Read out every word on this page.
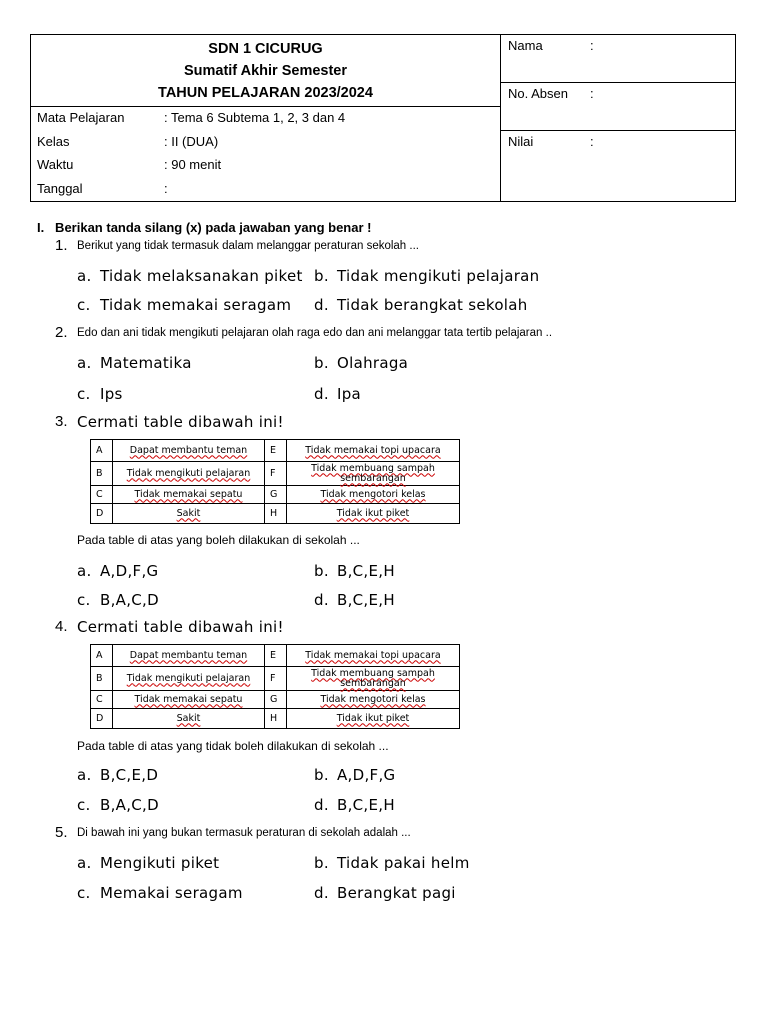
SDN 1 CICURUG
Sumatif Akhir Semester
TAHUN PELAJARAN 2023/2024
Mata Pelajaran	: Tema 6 Subtema 1, 2, 3 dan 4
Kelas	: II (DUA)
Waktu	: 90 menit
Tanggal	:
Nama	:
No. Absen :
Nilai	:
I.   Berikan tanda silang (x) pada jawaban yang benar !
1. Berikut yang tidak termasuk dalam melanggar peraturan sekolah ...
a. Tidak melaksanakan piket b. Tidak mengikuti pelajaran
c. Tidak memakai seragam d. Tidak berangkat sekolah
2. Edo dan ani tidak mengikuti pelajaran olah raga edo dan ani melanggar tata tertib pelajaran ..
a. Matematika	b. Olahraga
c. Ips	d. Ipa
3. Cermati table dibawah ini!
A	Dapat membantu teman	E	Tidak memakai topi upacara
B	Tidak mengikuti pelajaran	F	Tidak membuang sampah sembarangan
C	Tidak memakai sepatu	G	Tidak mengotori kelas
D	Sakit	H	Tidak ikut piket
Pada table di atas yang boleh dilakukan di sekolah ...
a. A,D,F,G	b. B,C,E,H
c. B,A,C,D	d. B,C,E,H
4. Cermati table dibawah ini!
A	Dapat membantu teman	E	Tidak memakai topi upacara
B	Tidak mengikuti pelajaran	F	Tidak membuang sampah sembarangan
C	Tidak memakai sepatu	G	Tidak mengotori kelas
D	Sakit	H	Tidak ikut piket
Pada table di atas yang tidak boleh dilakukan di sekolah ...
a. B,C,E,D	b. A,D,F,G
c. B,A,C,D	d. B,C,E,H
5. Di bawah ini yang bukan termasuk peraturan di sekolah adalah ...
a. Mengikuti piket	b. Tidak pakai helm
c. Memakai seragam	d. Berangkat pagi
